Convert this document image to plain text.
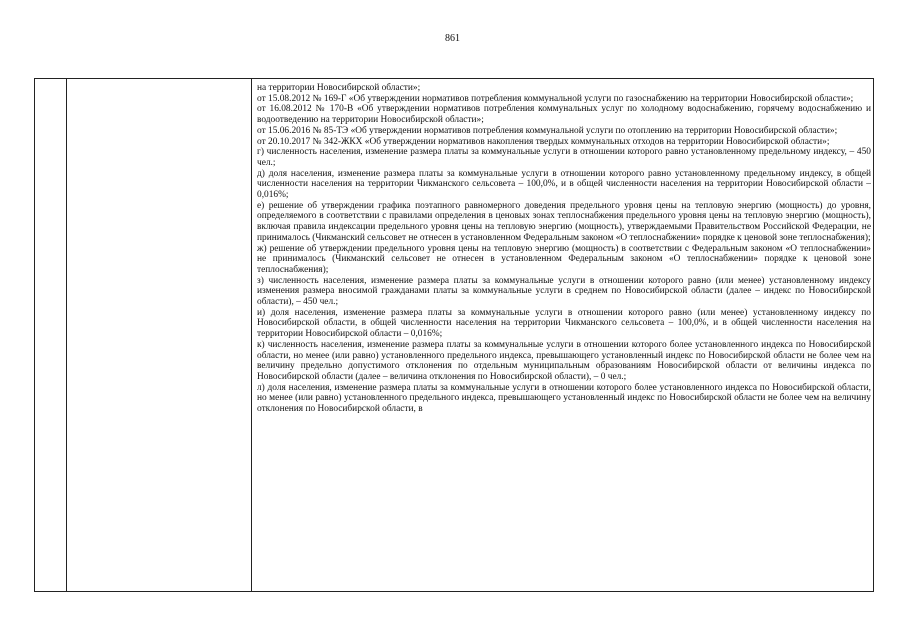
861

на территории Новосибирской области»;

от 15.08.2012 № 169-Г «Об утверждении нормативов потребления коммунальной услуги по газоснабжению на территории Новосибирской области»;

от 16.08.2012 № 170-В «Об утверждении нормативов потребления коммунальных услуг по холодному водоснабжению, горячему водоснабжению и водоотведению на территории Новосибирской области»;

от 15.06.2016 № 85-ТЭ «Об утверждении нормативов потребления коммунальной услуги по отоплению на территории Новосибирской области»;

от 20.10.2017 № 342-ЖКХ «Об утверждении нормативов накопления твердых коммунальных отходов на территории Новосибирской области»;

г) численность населения, изменение размера платы за коммунальные услуги в отношении которого равно установленному предельному индексу, – 450 чел.;

д) доля населения, изменение размера платы за коммунальные услуги в отношении которого равно установленному предельному индексу, в общей численности населения на территории Чикманского сельсовета – 100,0%, и в общей численности населения на территории Новосибирской области – 0,016%;

е) решение об утверждении графика поэтапного равномерного доведения предельного уровня цены на тепловую энергию (мощность) до уровня, определяемого в соответствии с правилами определения в ценовых зонах теплоснабжения предельного уровня цены на тепловую энергию (мощность), включая правила индексации предельного уровня цены на тепловую энергию (мощность), утверждаемыми Правительством Российской Федерации, не принималось (Чикманский сельсовет не отнесен в установленном Федеральным законом «О теплоснабжении» порядке к ценовой зоне теплоснабжения);

ж) решение об утверждении предельного уровня цены на тепловую энергию (мощность) в соответствии с Федеральным законом «О теплоснабжении» не принималось (Чикманский сельсовет не отнесен в установленном Федеральным законом «О теплоснабжении» порядке к ценовой зоне теплоснабжения);

з) численность населения, изменение размера платы за коммунальные услуги в отношении которого равно (или менее) установленному индексу изменения размера вносимой гражданами платы за коммунальные услуги в среднем по Новосибирской области (далее – индекс по Новосибирской области), – 450 чел.;

и) доля населения, изменение размера платы за коммунальные услуги в отношении которого равно (или менее) установленному индексу по Новосибирской области, в общей численности населения на территории Чикманского сельсовета – 100,0%, и в общей численности населения на территории Новосибирской области – 0,016%;

к) численность населения, изменение размера платы за коммунальные услуги в отношении которого более установленного индекса по Новосибирской области, но менее (или равно) установленного предельного индекса, превышающего установленный индекс по Новосибирской области не более чем на величину предельно допустимого отклонения по отдельным муниципальным образованиям Новосибирской области от величины индекса по Новосибирской области (далее – величина отклонения по Новосибирской области), – 0 чел.;

л) доля населения, изменение размера платы за коммунальные услуги в отношении которого более установленного индекса по Новосибирской области, но менее (или равно) установленного предельного индекса, превышающего установленный индекс по Новосибирской области не более чем на величину отклонения по Новосибирской области, в
